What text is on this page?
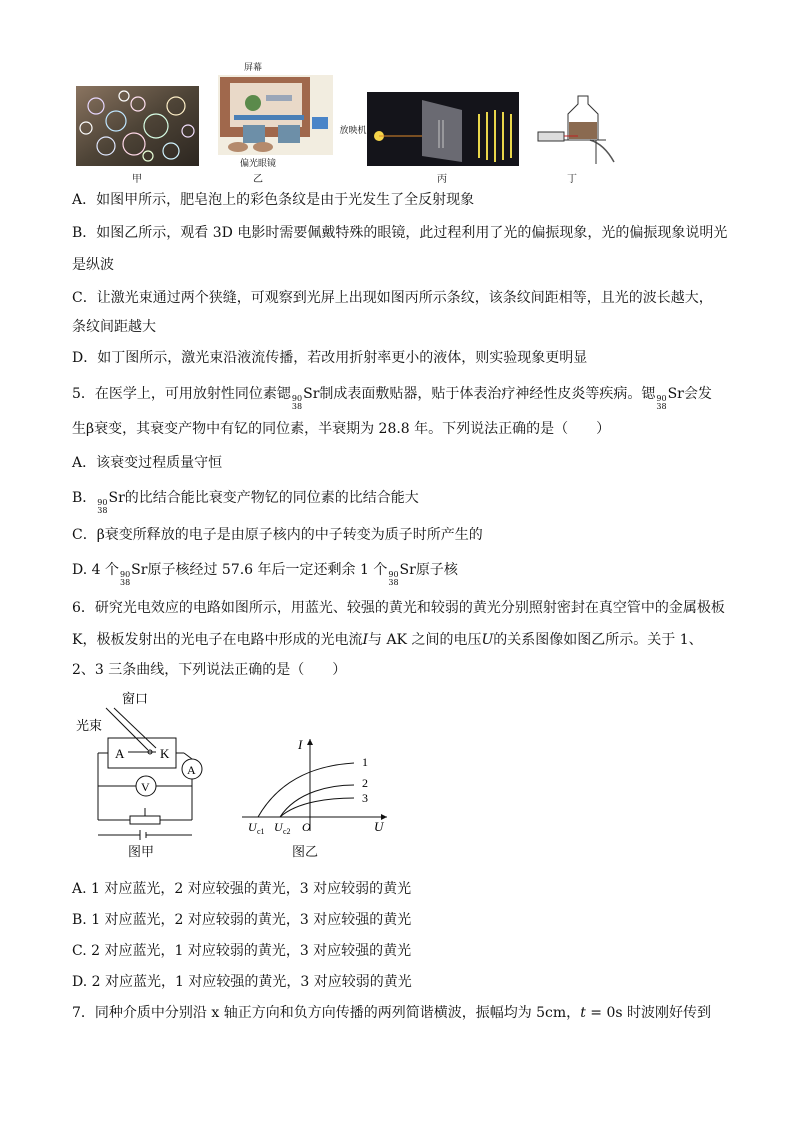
甲
屏幕
放映机
偏光眼镜
乙	丙	丁
A．如图甲所示，肥皂泡上的彩色条纹是由于光发生了全反射现象
B．如图乙所示，观看 3D 电影时需要佩戴特殊的眼镜，此过程利用了光的偏振现象，光的偏振现象说明光
是纵波
C．让激光束通过两个狭缝，可观察到光屏上出现如图丙所示条纹，该条纹间距相等，且光的波长越大，
条纹间距越大
D．如丁图所示，激光束沿液流传播，若改用折射率更小的液体，则实验现象更明显
5．在医学上，可用放射性同位素锶 90
38
Sr制成表面敷贴器，贴于体表治疗神经性皮炎等疾病。锶 90
38
Sr会发
生β衰变，其衰变产物中有钇的同位素，半衰期为 28.8 年。下列说法正确的是（　　）
A．该衰变过程质量守恒
B． 90
38
Sr的比结合能比衰变产物钇的同位素的比结合能大
C．β衰变所释放的电子是由原子核内的中子转变为质子时所产生的
D. 4 个 90
38
Sr原子核经过 57.6 年后一定还剩余 1 个 90
38
Sr原子核
6．研究光电效应的电路如图所示，用蓝光、较强的黄光和较弱的黄光分别照射密封在真空管中的金属极板
K，极板发射出的光电子在电路中形成的光电流I与 AK 之间的电压U的关系图像如图乙所示。关于 1、
2、3 三条曲线，下列说法正确的是（　　）
窗口
光束
A	K
A
V
图甲
I
U
O
U c1 U c2
1
2
3
图乙
A. 1 对应蓝光，2 对应较强的黄光，3 对应较弱的黄光
B. 1 对应蓝光，2 对应较弱的黄光，3 对应较强的黄光
C. 2 对应蓝光，1 对应较弱的黄光，3 对应较强的黄光
D. 2 对应蓝光，1 对应较强的黄光，3 对应较弱的黄光
7．同种介质中分别沿 x 轴正方向和负方向传播的两列简谐横波，振幅均为 5cm，t = 0s 时波刚好传到
